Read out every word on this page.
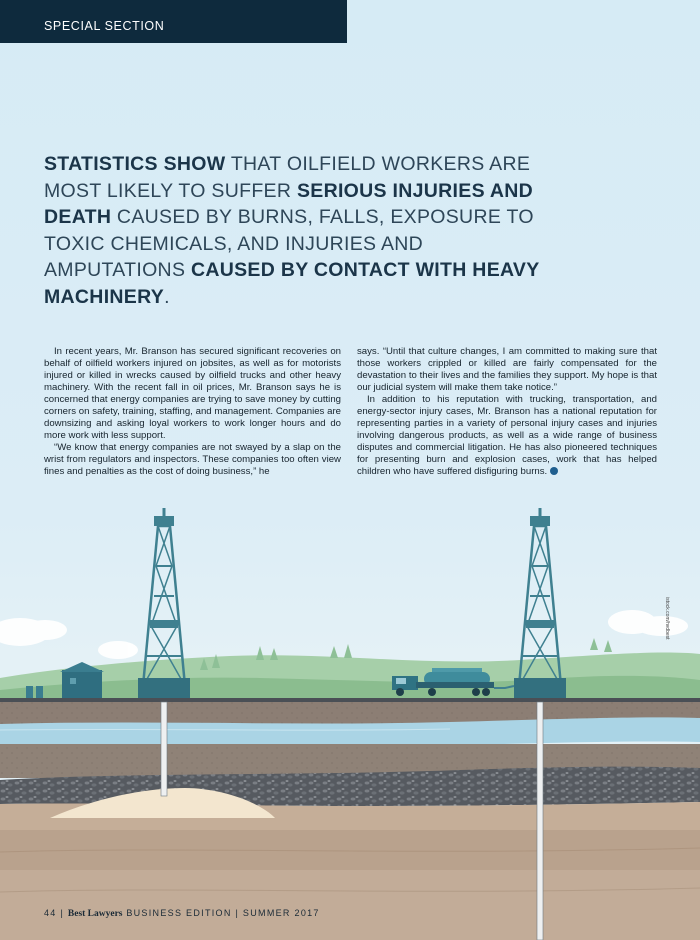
SPECIAL SECTION
STATISTICS SHOW THAT OILFIELD WORKERS ARE MOST LIKELY TO SUFFER SERIOUS INJURIES AND DEATH CAUSED BY BURNS, FALLS, EXPOSURE TO TOXIC CHEMICALS, AND INJURIES AND AMPUTATIONS CAUSED BY CONTACT WITH HEAVY MACHINERY.

In recent years, Mr. Branson has secured significant recoveries on behalf of oilfield workers injured on jobsites, as well as for motorists injured or killed in wrecks caused by oilfield trucks and other heavy machinery. With the recent fall in oil prices, Mr. Branson says he is concerned that energy companies are trying to save money by cutting corners on safety, training, staffing, and management. Companies are downsizing and asking loyal workers to work longer hours and do more work with less support.

“We know that energy companies are not swayed by a slap on the wrist from regulators and inspectors. These companies too often view fines and penalties as the cost of doing business,” he

says. “Until that culture changes, I am committed to making sure that those workers crippled or killed are fairly compensated for the devastation to their lives and the families they support. My hope is that our judicial system will make them take notice.”

In addition to his reputation with trucking, transportation, and energy-sector injury cases, Mr. Branson has a national reputation for representing parties in a variety of personal injury cases and injuries involving dangerous products, as well as a wide range of business disputes and commercial litigation. He has also pioneered techniques for presenting burn and explosion cases, work that has helped children who have suffered disfiguring burns.

istock.com/hvdbest
44 | Best Lawyers BUSINESS EDITION | SUMMER 2017
